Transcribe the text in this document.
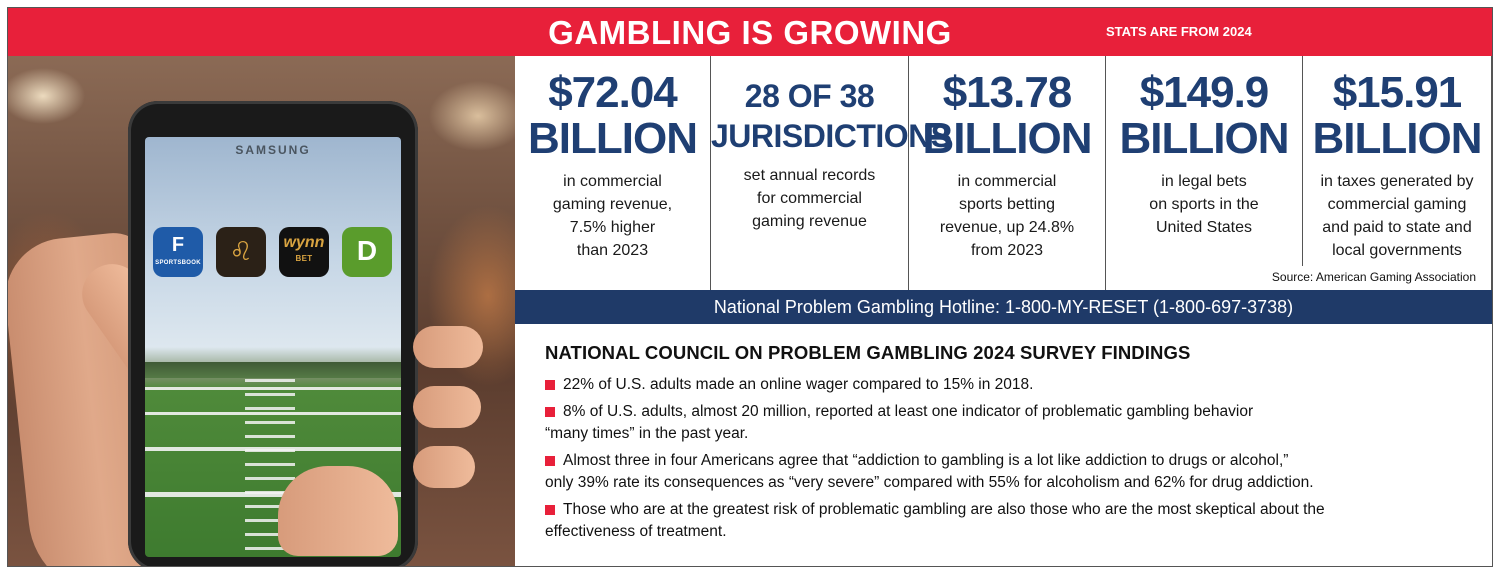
GAMBLING IS GROWING	STATS ARE FROM 2024
SAMSUNG
F
SPORTSBOOK	♌	wynn
BET	D
$72.04
BILLION
in commercial
gaming revenue,
7.5% higher
than 2023
28 OF 38
JURISDICTIONS
set annual records
for commercial
gaming revenue
$13.78
BILLION
in commercial
sports betting
revenue, up 24.8%
from 2023
$149.9
BILLION
in legal bets
on sports in the
United States
$15.91
BILLION
in taxes generated by
commercial gaming
and paid to state and
local governments
Source: American Gaming Association
National Problem Gambling Hotline: 1-800-MY-RESET (1-800-697-3738)
NATIONAL COUNCIL ON PROBLEM GAMBLING 2024 SURVEY FINDINGS
22% of U.S. adults made an online wager compared to 15% in 2018.
8% of U.S. adults, almost 20 million, reported at least one indicator of problematic gambling behavior
“many times” in the past year.
Almost three in four Americans agree that “addiction to gambling is a lot like addiction to drugs or alcohol,”
only 39% rate its consequences as “very severe” compared with 55% for alcoholism and 62% for drug addiction.
Those who are at the greatest risk of problematic gambling are also those who are the most skeptical about the
effectiveness of treatment.
